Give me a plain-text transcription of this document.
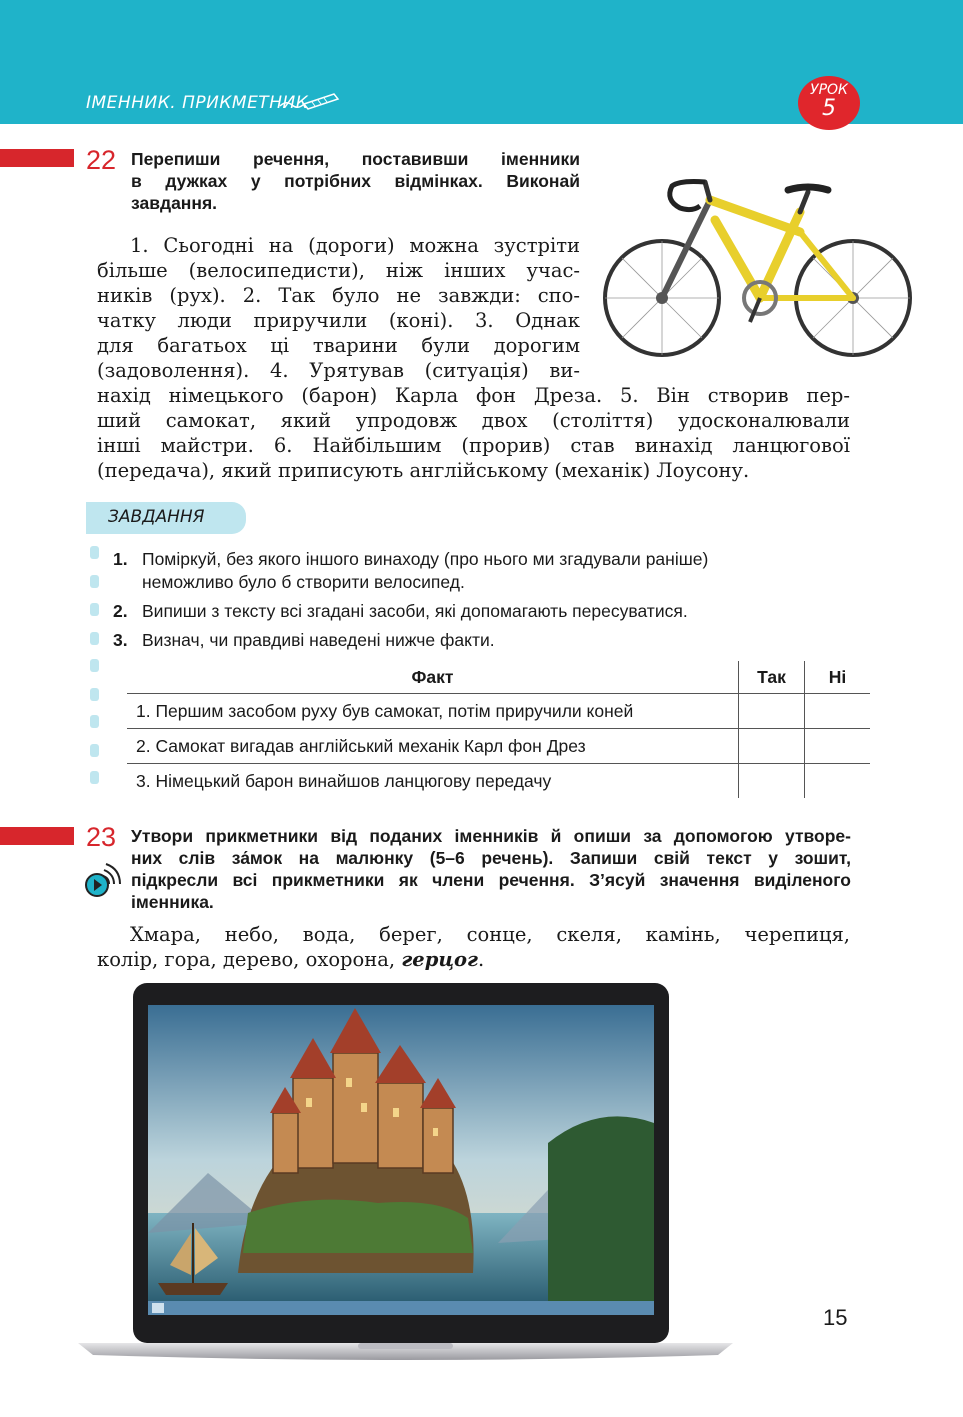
ІМЕННИК. ПРИКМЕТНИК
УРОК
5
22 Перепиши речення, поставивши іменники
в дужках у потрібних відмінках. Виконай
завдання.
1. Сьогодні на (дороги) можна зустріти
більше (велосипедисти), ніж інших учас-
ників (рух). 2. Так було не завжди: спо-
чатку люди приручили (коні). 3. Однак
для багатьох ці тварини були дорогим
(задоволення). 4. Урятував (ситуація) ви-
нахід німецького (барон) Карла фон Дреза. 5. Він створив пер-
ший самокат, який упродовж двох (століття) удосконалювали
інші майстри. 6. Найбільшим (прорив) став винахід ланцюгової
(передача), який приписують англійському (механік) Лоусону.
ЗАВДАННЯ
1. Поміркуй, без якого іншого винаходу (про нього ми згадували раніше)
неможливо було б створити велосипед.
2. Випиши з тексту всі згадані засоби, які допомагають пересуватися.
3. Визнач, чи правдиві наведені нижче факти.
Факт	Так	Ні
1. Першим засобом руху був самокат, потім приручили коней		
2. Самокат вигадав англійський механік Карл фон Дрез		
3. Німецький барон винайшов ланцюгову передачу		
23 Утвори прикметники від поданих іменників й опиши за допомогою утворе-
них слів за́мок на малюнку (5–6 речень). Запиши свій текст у зошит,
підкресли всі прикметники як члени речення. З’ясуй значення виділеного
іменника.
Хмара, небо, вода, берег, сонце, скеля, камінь, черепиця,
колір, гора, дерево, охорона, герцог.
15
